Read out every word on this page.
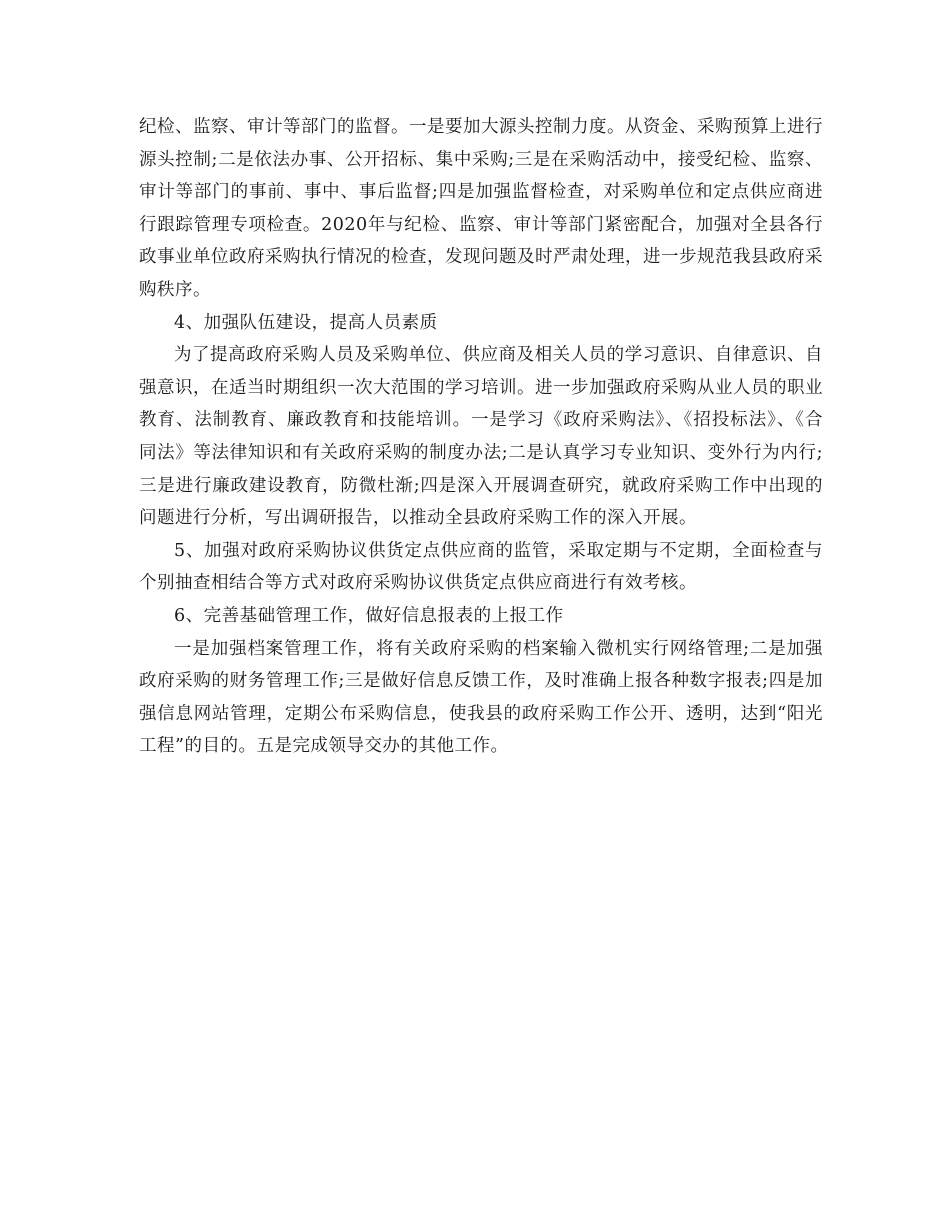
纪检、监察、审计等部门的监督。一是要加大源头控制力度。从资金、采购预算上进行源头控制;二是依法办事、公开招标、集中采购;三是在采购活动中，接受纪检、监察、审计等部门的事前、事中、事后监督;四是加强监督检查，对采购单位和定点供应商进行跟踪管理专项检查。2020年与纪检、监察、审计等部门紧密配合，加强对全县各行政事业单位政府采购执行情况的检查，发现问题及时严肃处理，进一步规范我县政府采购秩序。

4、加强队伍建设，提高人员素质

为了提高政府采购人员及采购单位、供应商及相关人员的学习意识、自律意识、自强意识，在适当时期组织一次大范围的学习培训。进一步加强政府采购从业人员的职业教育、法制教育、廉政教育和技能培训。一是学习《政府采购法》、《招投标法》、《合同法》等法律知识和有关政府采购的制度办法;二是认真学习专业知识、变外行为内行;三是进行廉政建设教育，防微杜渐;四是深入开展调查研究，就政府采购工作中出现的问题进行分析，写出调研报告，以推动全县政府采购工作的深入开展。

5、加强对政府采购协议供货定点供应商的监管，采取定期与不定期，全面检查与个别抽查相结合等方式对政府采购协议供货定点供应商进行有效考核。

6、完善基础管理工作，做好信息报表的上报工作

一是加强档案管理工作，将有关政府采购的档案输入微机实行网络管理;二是加强政府采购的财务管理工作;三是做好信息反馈工作，及时准确上报各种数字报表;四是加强信息网站管理，定期公布采购信息，使我县的政府采购工作公开、透明，达到“阳光工程”的目的。五是完成领导交办的其他工作。
